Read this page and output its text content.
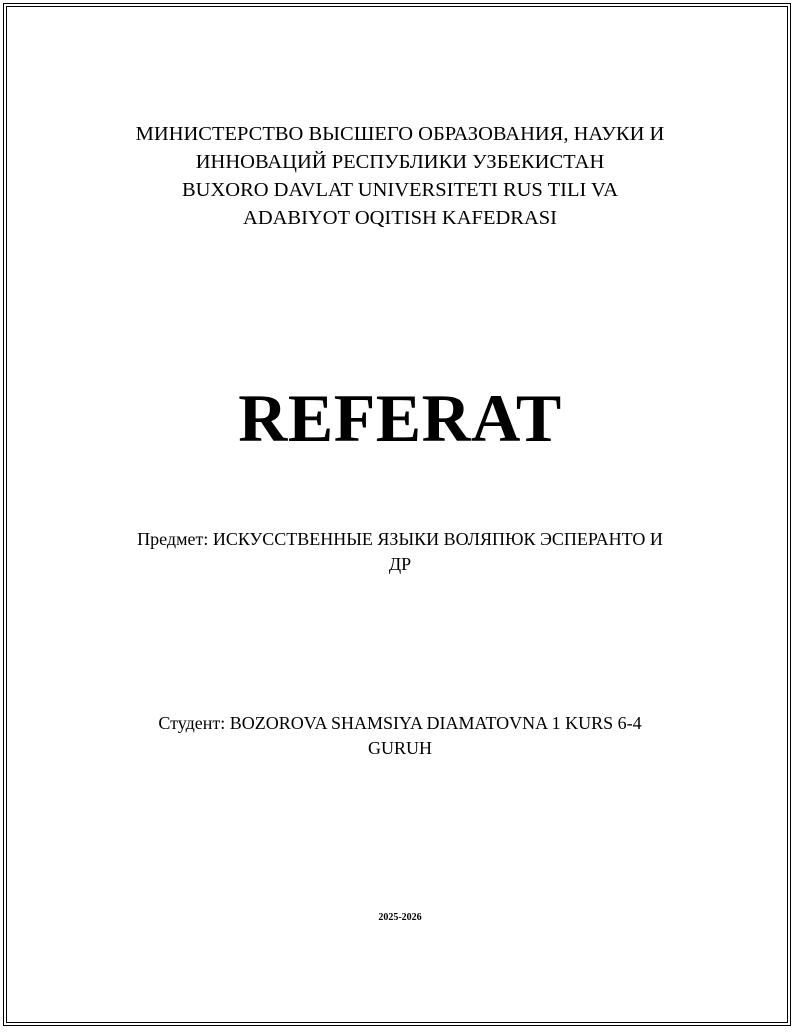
МИНИСТЕРСТВО ВЫСШЕГО ОБРАЗОВАНИЯ, НАУКИ И
ИННОВАЦИЙ РЕСПУБЛИКИ УЗБЕКИСТАН
BUXORO DAVLAT UNIVERSITETI RUS TILI VA
ADABIYOT OQITISH KAFEDRASI
REFERAT
Предмет: ИСКУССТВЕННЫЕ ЯЗЫКИ ВОЛЯПЮК ЭСПЕРАНТО И
ДР
Студент: BOZOROVA SHAMSIYA DIAMATOVNA 1 KURS 6-4
GURUH
2025-2026
